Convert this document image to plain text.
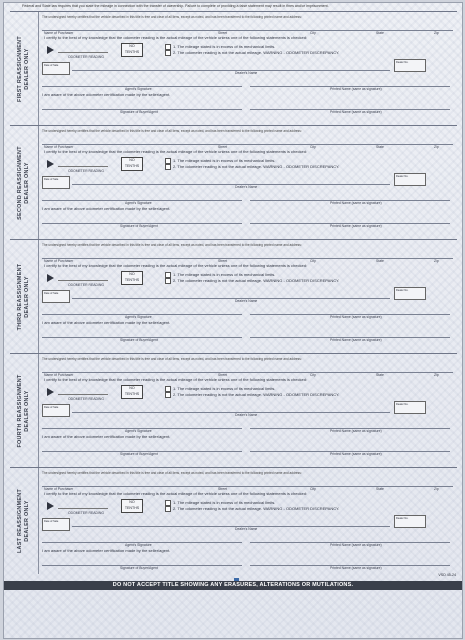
Federal and State law requires that you state the mileage in connection with the transfer of ownership. Failure to complete or providing a false statement may result in fines and/or imprisonment.
FIRST REASSIGNMENT
DEALER ONLY
The undersigned hereby certifies that the vehicle described in this title is free and clear of all liens, except as noted, and has been transferred to the following printed name and address:
Name of Purchaser	Street	City	State	Zip
I certify to the best of my knowledge that the odometer reading is the actual mileage of the vehicle unless one of the following statements is checked:
NO TENTHS
ODOMETER READING
1. The mileage stated is in excess of its mechanical limits.
2. The odometer reading is not the actual mileage. WARNING - ODOMETER DISCREPANCY.
Date of Sale
Dealer No.
Dealer's Name
Agent's Signature	Printed Name (same as signature)
I am aware of the above odometer certification made by the seller/agent.
Signature of Buyer/Agent	Printed Name (same as signature)
SECOND REASSIGNMENT
DEALER ONLY
The undersigned hereby certifies that the vehicle described in this title is free and clear of all liens, except as noted, and has been transferred to the following printed name and address:
Name of Purchaser	Street	City	State	Zip
I certify to the best of my knowledge that the odometer reading is the actual mileage of the vehicle unless one of the following statements is checked:
NO TENTHS
ODOMETER READING
1. The mileage stated is in excess of its mechanical limits.
2. The odometer reading is not the actual mileage. WARNING - ODOMETER DISCREPANCY.
Date of Sale
Dealer No.
Dealer's Name
Agent's Signature	Printed Name (same as signature)
I am aware of the above odometer certification made by the seller/agent.
Signature of Buyer/Agent	Printed Name (same as signature)
THIRD REASSIGNMENT
DEALER ONLY
The undersigned hereby certifies that the vehicle described in this title is free and clear of all liens, except as noted, and has been transferred to the following printed name and address:
Name of Purchaser	Street	City	State	Zip
I certify to the best of my knowledge that the odometer reading is the actual mileage of the vehicle unless one of the following statements is checked:
NO TENTHS
ODOMETER READING
1. The mileage stated is in excess of its mechanical limits.
2. The odometer reading is not the actual mileage. WARNING - ODOMETER DISCREPANCY.
Date of Sale
Dealer No.
Dealer's Name
Agent's Signature	Printed Name (same as signature)
I am aware of the above odometer certification made by the seller/agent.
Signature of Buyer/Agent	Printed Name (same as signature)
FOURTH REASSIGNMENT
DEALER ONLY
The undersigned hereby certifies that the vehicle described in this title is free and clear of all liens, except as noted, and has been transferred to the following printed name and address:
Name of Purchaser	Street	City	State	Zip
I certify to the best of my knowledge that the odometer reading is the actual mileage of the vehicle unless one of the following statements is checked:
NO TENTHS
ODOMETER READING
1. The mileage stated is in excess of its mechanical limits.
2. The odometer reading is not the actual mileage. WARNING - ODOMETER DISCREPANCY.
Date of Sale
Dealer No.
Dealer's Name
Agent's Signature	Printed Name (same as signature)
I am aware of the above odometer certification made by the seller/agent.
Signature of Buyer/Agent	Printed Name (same as signature)
LAST REASSIGNMENT
DEALER ONLY
The undersigned hereby certifies that the vehicle described in this title is free and clear of all liens, except as noted, and has been transferred to the following printed name and address:
Name of Purchaser	Street	City	State	Zip
I certify to the best of my knowledge that the odometer reading is the actual mileage of the vehicle unless one of the following statements is checked:
NO TENTHS
ODOMETER READING
1. The mileage stated is in excess of its mechanical limits.
2. The odometer reading is not the actual mileage. WARNING - ODOMETER DISCREPANCY.
Date of Sale
Dealer No.
Dealer's Name
Agent's Signature	Printed Name (same as signature)
I am aware of the above odometer certification made by the seller/agent.
Signature of Buyer/Agent	Printed Name (same as signature)
VSD 45-24
DO NOT ACCEPT TITLE SHOWING ANY ERASURES, ALTERATIONS OR MUTILATIONS.
